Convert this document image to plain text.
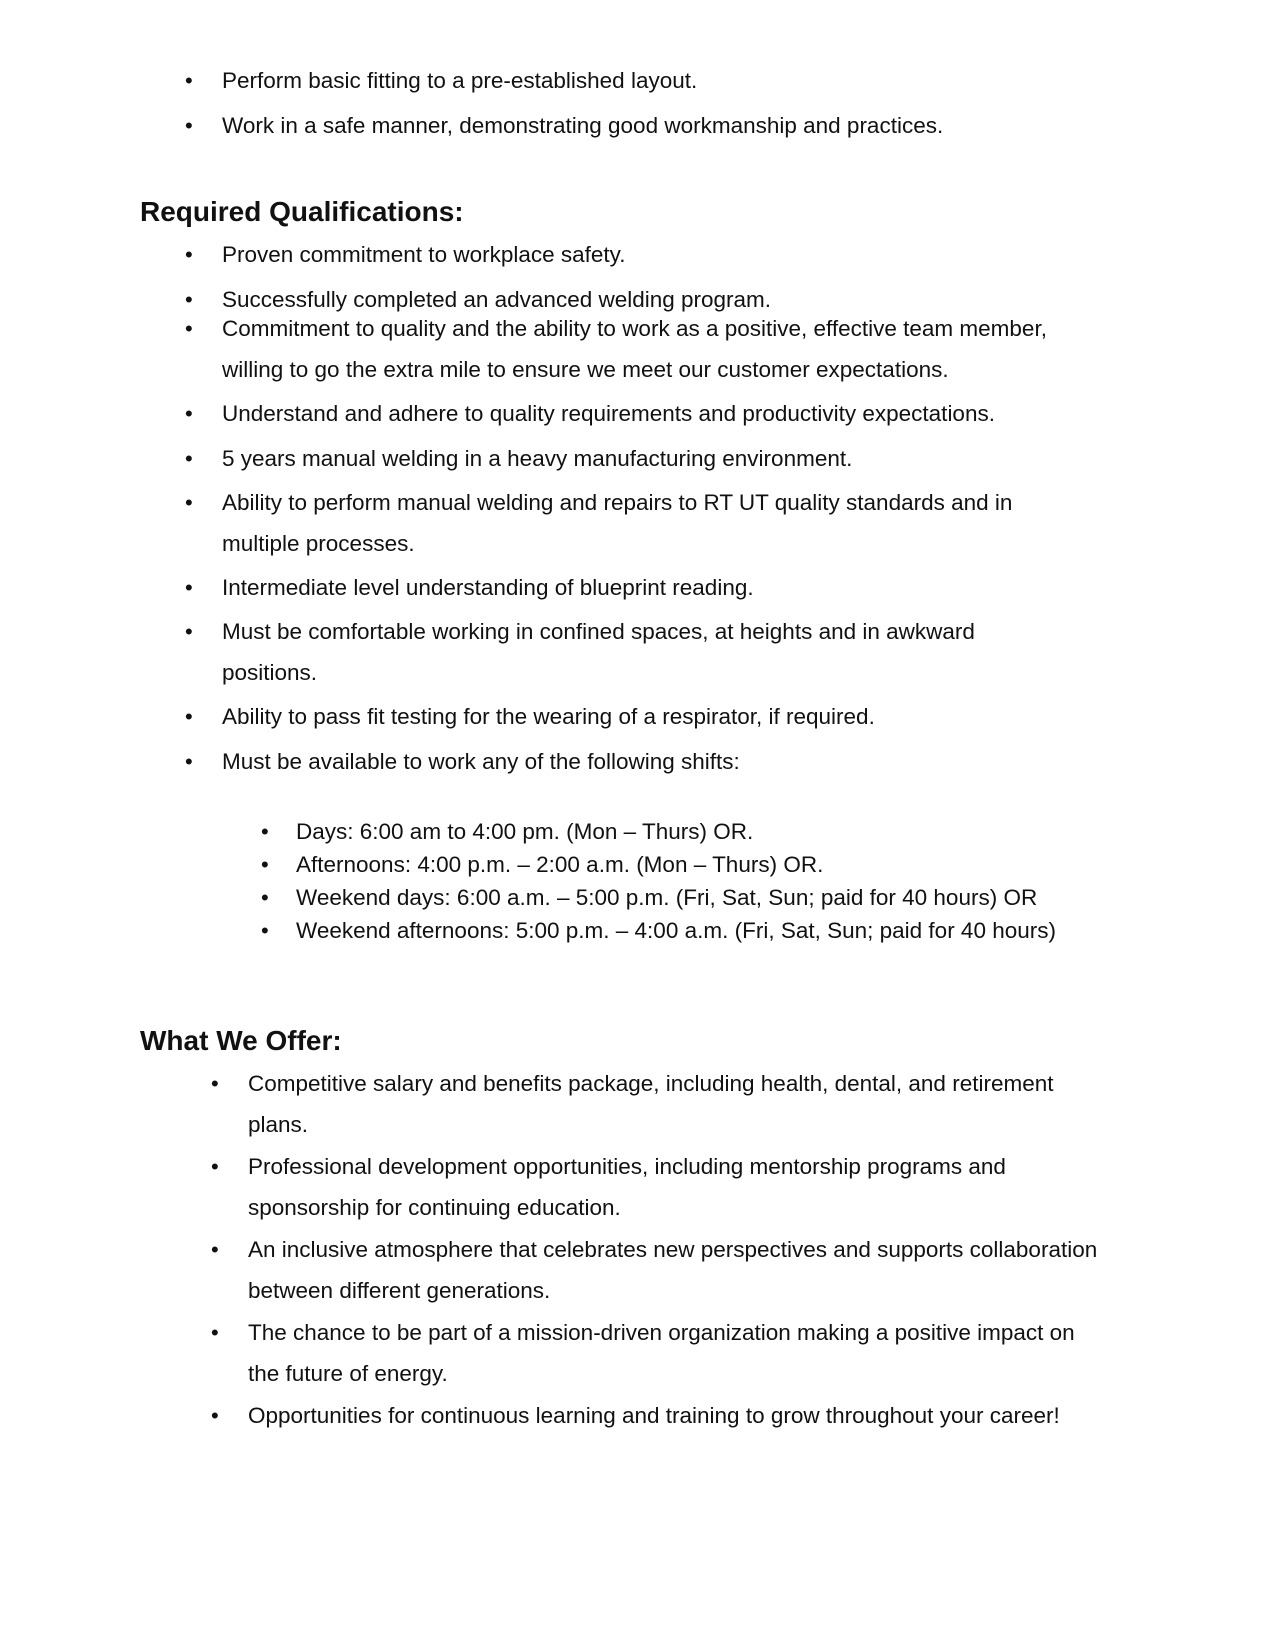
• Perform basic fitting to a pre-established layout.
• Work in a safe manner, demonstrating good workmanship and practices.
Required Qualifications:
• Proven commitment to workplace safety.
• Successfully completed an advanced welding program.
• Commitment to quality and the ability to work as a positive, effective team member, willing to go the extra mile to ensure we meet our customer expectations.
• Understand and adhere to quality requirements and productivity expectations.
• 5 years manual welding in a heavy manufacturing environment.
• Ability to perform manual welding and repairs to RT UT quality standards and in multiple processes.
• Intermediate level understanding of blueprint reading.
• Must be comfortable working in confined spaces, at heights and in awkward positions.
• Ability to pass fit testing for the wearing of a respirator, if required.
• Must be available to work any of the following shifts:
• Days: 6:00 am to 4:00 pm. (Mon – Thurs) OR.
• Afternoons: 4:00 p.m. – 2:00 a.m. (Mon – Thurs) OR.
• Weekend days: 6:00 a.m. – 5:00 p.m. (Fri, Sat, Sun; paid for 40 hours) OR
• Weekend afternoons: 5:00 p.m. – 4:00 a.m. (Fri, Sat, Sun; paid for 40 hours)
What We Offer:
• Competitive salary and benefits package, including health, dental, and retirement plans.
• Professional development opportunities, including mentorship programs and sponsorship for continuing education.
• An inclusive atmosphere that celebrates new perspectives and supports collaboration between different generations.
• The chance to be part of a mission-driven organization making a positive impact on the future of energy.
• Opportunities for continuous learning and training to grow throughout your career!
